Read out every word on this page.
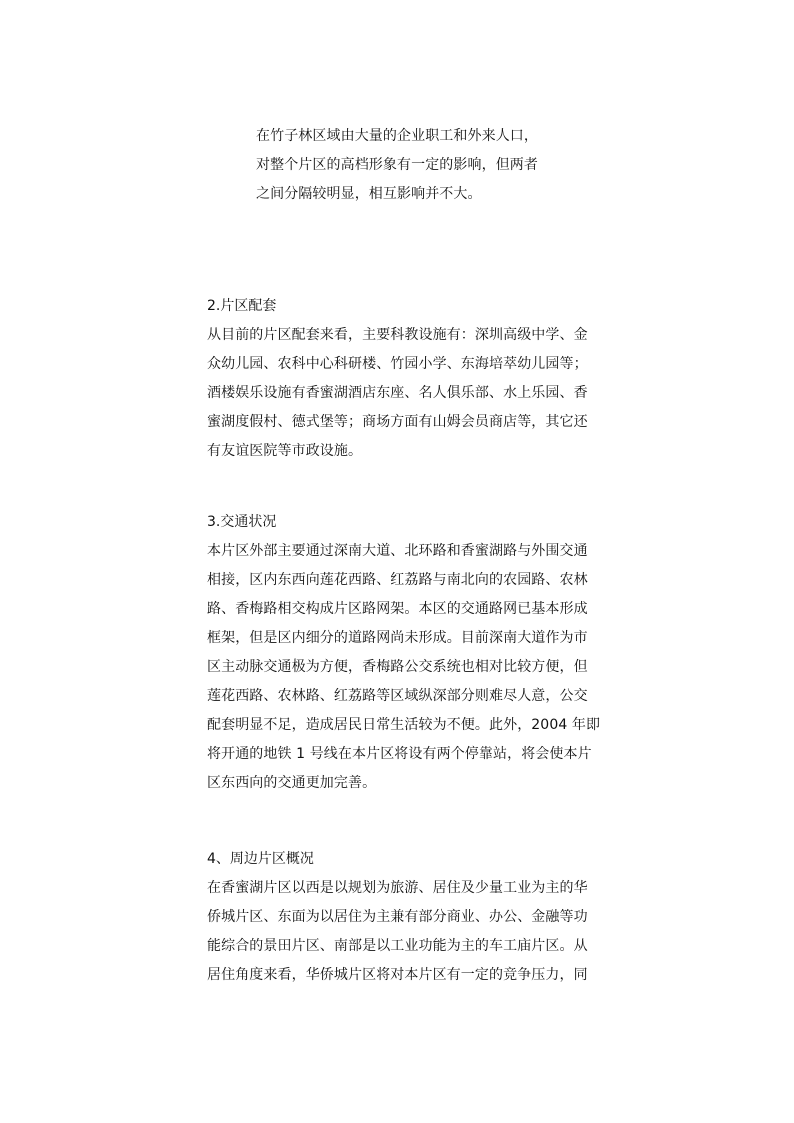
在竹子林区域由大量的企业职工和外来人口，
对整个片区的高档形象有一定的影响，但两者
之间分隔较明显，相互影响并不大。
2.片区配套
从目前的片区配套来看，主要科教设施有：深圳高级中学、金
众幼儿园、农科中心科研楼、竹园小学、东海培萃幼儿园等；
酒楼娱乐设施有香蜜湖酒店东座、名人俱乐部、水上乐园、香
蜜湖度假村、德式堡等；商场方面有山姆会员商店等，其它还
有友谊医院等市政设施。
3.交通状况
本片区外部主要通过深南大道、北环路和香蜜湖路与外围交通
相接，区内东西向莲花西路、红荔路与南北向的农园路、农林
路、香梅路相交构成片区路网架。本区的交通路网已基本形成
框架，但是区内细分的道路网尚未形成。目前深南大道作为市
区主动脉交通极为方便，香梅路公交系统也相对比较方便，但
莲花西路、农林路、红荔路等区域纵深部分则难尽人意，公交
配套明显不足，造成居民日常生活较为不便。此外，2004 年即
将开通的地铁 1 号线在本片区将设有两个停靠站，将会使本片
区东西向的交通更加完善。
4、周边片区概况
在香蜜湖片区以西是以规划为旅游、居住及少量工业为主的华
侨城片区、东面为以居住为主兼有部分商业、办公、金融等功
能综合的景田片区、南部是以工业功能为主的车工庙片区。从
居住角度来看，华侨城片区将对本片区有一定的竞争压力，同
